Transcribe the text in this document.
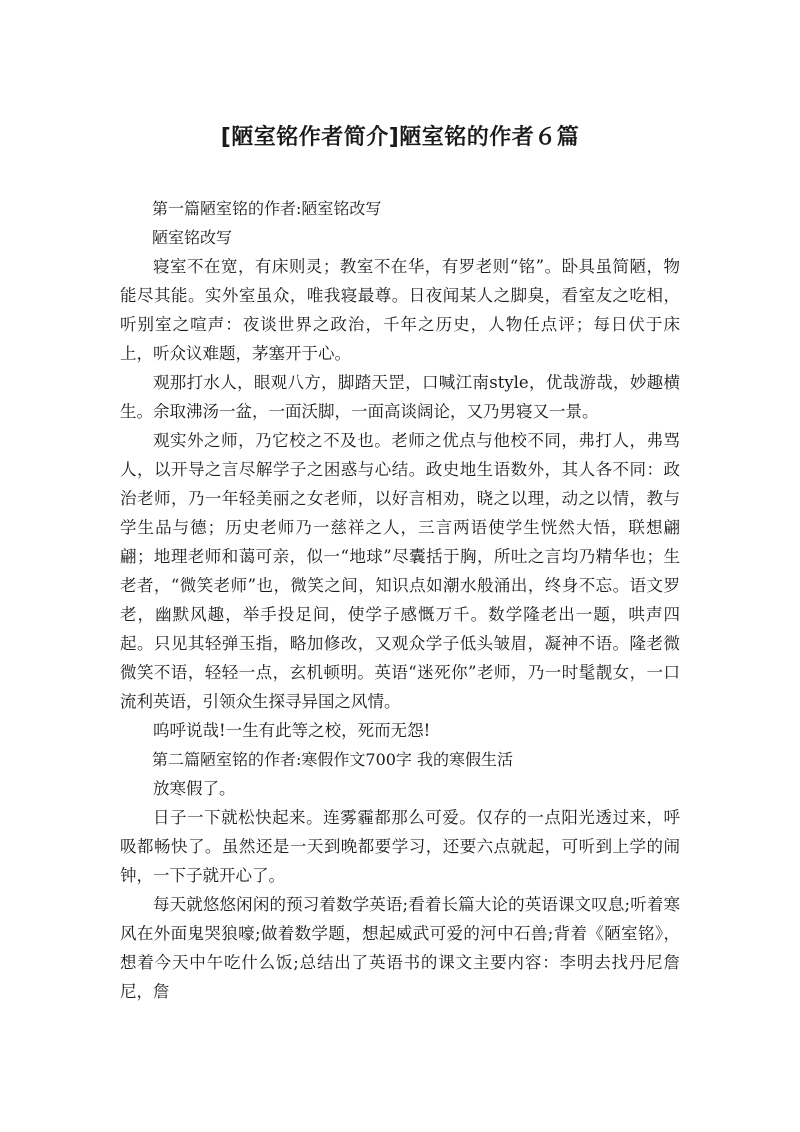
[陋室铭作者简介]陋室铭的作者６篇

第一篇陋室铭的作者:陋室铭改写

陋室铭改写

寝室不在宽，有床则灵；教室不在华，有罗老则“铭”。卧具虽简陋，物能尽其能。实外室虽众，唯我寝最尊。日夜闻某人之脚臭，看室友之吃相，听别室之喧声：夜谈世界之政治，千年之历史，人物任点评；每日伏于床上，听众议难题，茅塞开于心。

观那打水人，眼观八方，脚踏天罡，口喊江南style，优哉游哉，妙趣横生。余取沸汤一盆，一面沃脚，一面高谈阔论，又乃男寝又一景。

观实外之师，乃它校之不及也。老师之优点与他校不同，弗打人，弗骂人，以开导之言尽解学子之困惑与心结。政史地生语数外，其人各不同：政治老师，乃一年轻美丽之女老师，以好言相劝，晓之以理，动之以情，教与学生品与德；历史老师乃一慈祥之人，三言两语使学生恍然大悟，联想翩翩；地理老师和蔼可亲，似一“地球”尽囊括于胸，所吐之言均乃精华也；生老者，“微笑老师”也，微笑之间，知识点如潮水般涌出，终身不忘。语文罗老，幽默风趣，举手投足间，使学子感慨万千。数学隆老出一题，哄声四起。只见其轻弹玉指，略加修改，又观众学子低头皱眉，凝神不语。隆老微微笑不语，轻轻一点，玄机顿明。英语“迷死你”老师，乃一时髦靓女，一口流利英语，引领众生探寻异国之风情。

呜呼说哉!一生有此等之校，死而无怨!

第二篇陋室铭的作者:寒假作文700字 我的寒假生活

放寒假了。

日子一下就松快起来。连雾霾都那么可爱。仅存的一点阳光透过来，呼吸都畅快了。虽然还是一天到晚都要学习，还要六点就起，可听到上学的闹钟，一下子就开心了。

每天就悠悠闲闲的预习着数学英语;看着长篇大论的英语课文叹息;听着寒风在外面鬼哭狼嚎;做着数学题，想起威武可爱的河中石兽;背着《陋室铭》，想着今天中午吃什么饭;总结出了英语书的课文主要内容：李明去找丹尼詹尼，詹
